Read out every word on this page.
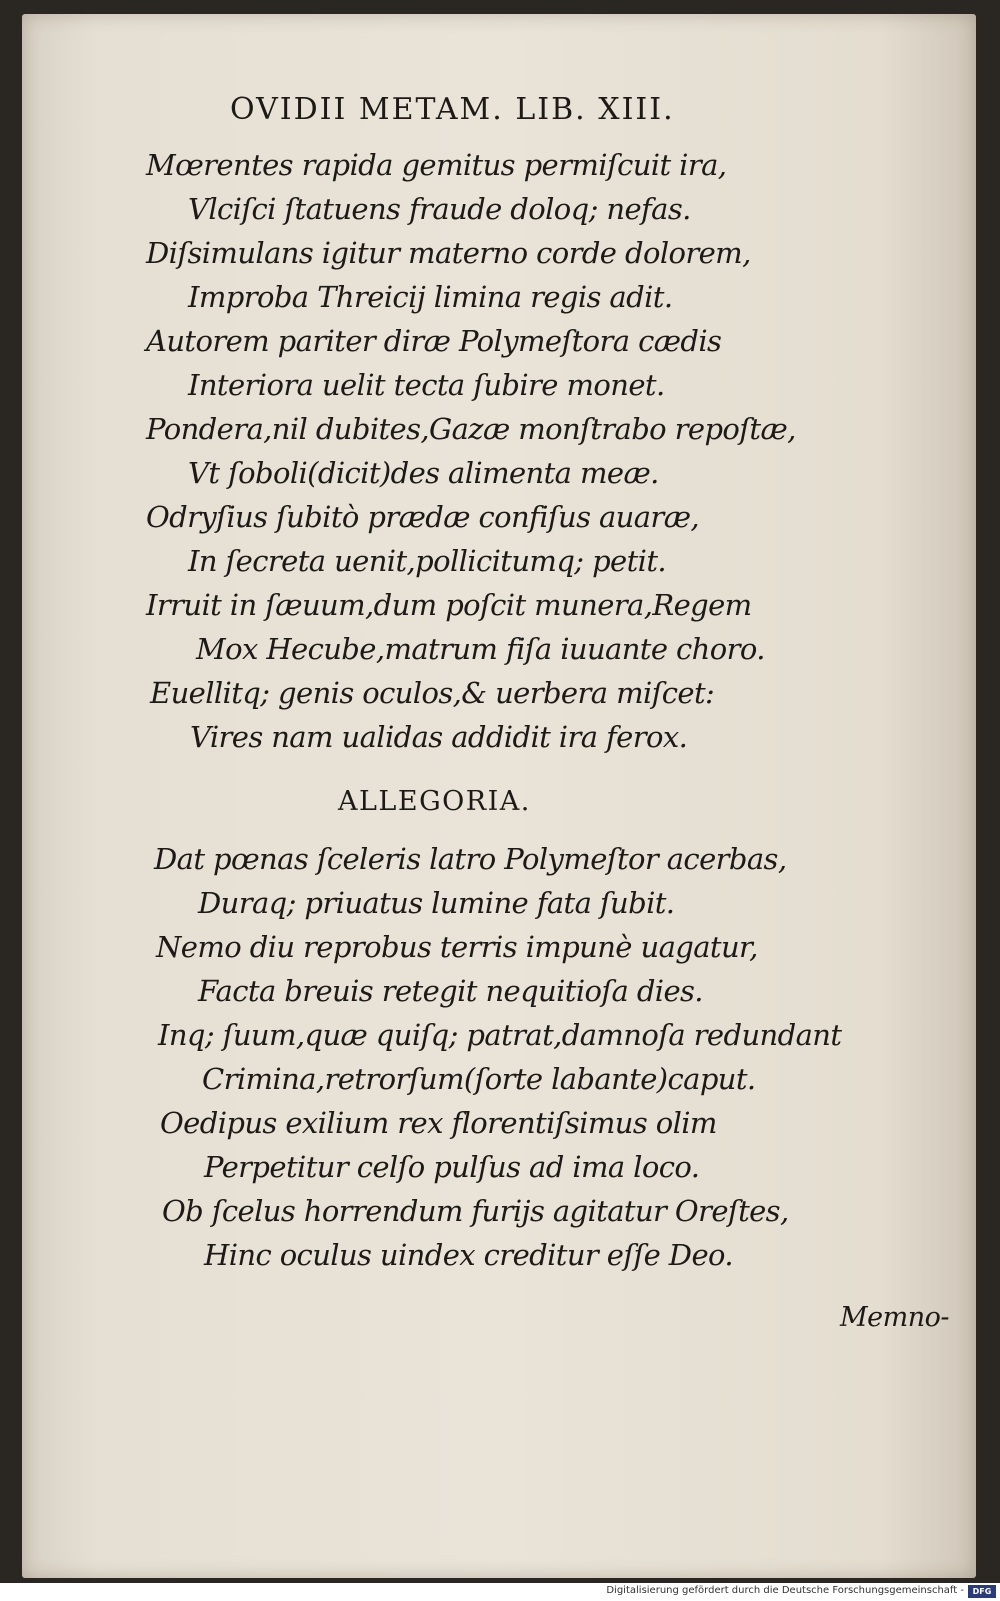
OVIDII METAM. LIB. XIII.
Mœrentes rapida gemitus permiſcuit ira,
Vlciſci ſtatuens fraude doloq; nefas.
Diſsimulans igitur materno corde dolorem,
Improba Threicij limina regis adit.
Autorem pariter diræ Polymeſtora cædis
Interiora uelit tecta ſubire monet.
Pondera,nil dubites,Gazæ monſtrabo repoſtæ,
Vt ſoboli(dicit)des alimenta meæ.
Odryſius ſubitò prædæ confiſus auaræ,
In ſecreta uenit,pollicitumq; petit.
Irruit in ſæuum,dum poſcit munera,Regem
Mox Hecube,matrum fiſa iuuante choro.
Euellitq; genis oculos,& uerbera miſcet:
Vires nam ualidas addidit ira ferox.
ALLEGORIA.
Dat pœnas ſceleris latro Polymeſtor acerbas,
Duraq; priuatus lumine fata ſubit.
Nemo diu reprobus terris impunè uagatur,
Facta breuis retegit nequitioſa dies.
Inq; ſuum,quæ quiſq; patrat,damnoſa redundant
Crimina,retrorſum(ſorte labante)caput.
Oedipus exilium rex florentiſsimus olim
Perpetitur celſo pulſus ad ima loco.
Ob ſcelus horrendum furijs agitatur Oreſtes,
Hinc oculus uindex creditur eſſe Deo.
Memno-
Digitalisierung gefördert durch die Deutsche Forschungsgemeinschaft -	DFG
